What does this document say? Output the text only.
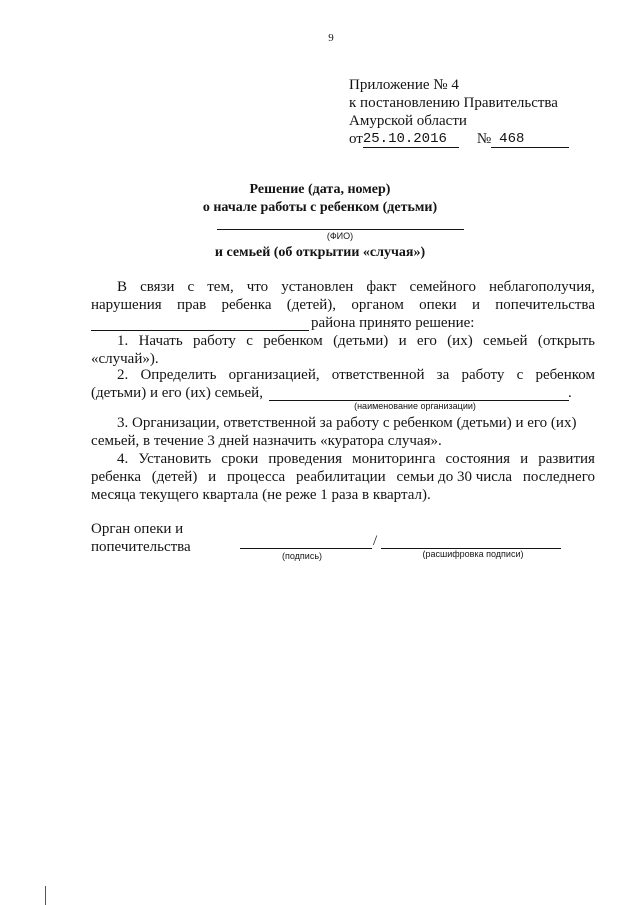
9
Приложение № 4
к постановлению Правительства
Амурской области
от25.10.2016 № 468
Решение (дата, номер)
о начале работы с ребенком (детьми)
(ФИО)
и семьей (об открытии «случая»)
В связи с тем, что установлен факт семейного неблагополучия,
нарушения прав ребенка (детей), органом опеки и попечительства
района принято решение:
1. Начать работу с ребенком (детьми) и его (их) семьей (открыть
«случай»).
2. Определить организацией, ответственной за работу с ребенком
(детьми) и его (их) семьей,	.
(наименование организации)
3. Организации, ответственной за работу с ребенком (детьми) и его (их)
семьей, в течение 3 дней назначить «куратора случая».
4. Установить сроки проведения мониторинга состояния и развития
ребенка (детей) и процесса реабилитации семьи до 30 числа последнего
месяца текущего квартала (не реже 1 раза в квартал).
Орган опеки и
попечительства	/
(подпись)	(расшифровка подписи)
